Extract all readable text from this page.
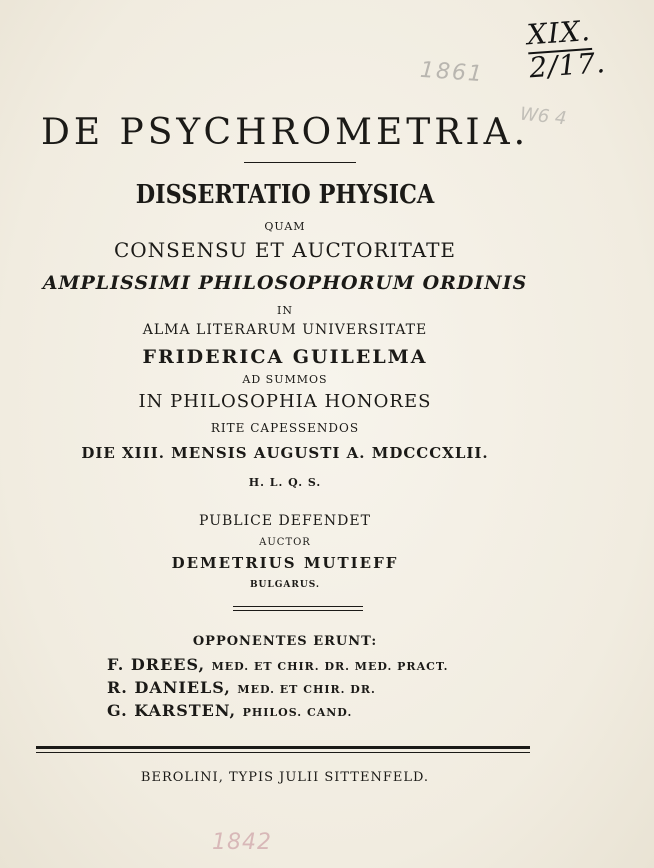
XIX. 2/17.
1861
W6 4
DE PSYCHROMETRIA.
DISSERTATIO PHYSICA
QUAM
CONSENSU ET AUCTORITATE
AMPLISSIMI PHILOSOPHORUM ORDINIS
IN
ALMA LITERARUM UNIVERSITATE
FRIDERICA GUILELMA
AD SUMMOS
IN PHILOSOPHIA HONORES
RITE CAPESSENDOS
DIE XIII. MENSIS AUGUSTI A. MDCCCXLII.
H. L. Q. S.
PUBLICE DEFENDET
AUCTOR
DEMETRIUS MUTIEFF
BULGARUS.
OPPONENTES ERUNT:
F. DREES, MED. ET CHIR. DR. MED. PRACT.
R. DANIELS, MED. ET CHIR. DR.
G. KARSTEN, PHILOS. CAND.
BEROLINI, TYPIS JULII SITTENFELD.
1842
